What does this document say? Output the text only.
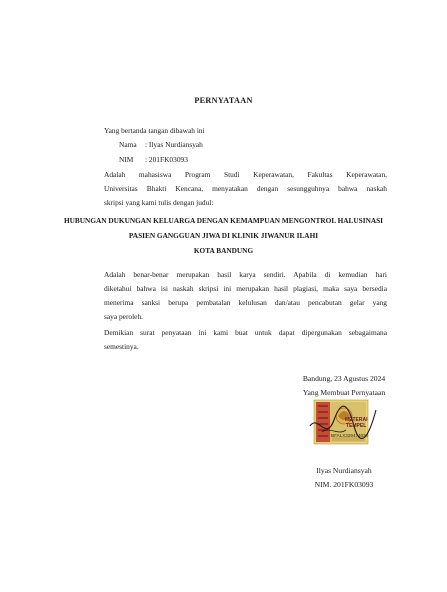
PERNYATAAN
Yang bertanda tangan dibawah ini
Nama : Ilyas Nurdiansyah
NIM : 201FK03093
Adalah mahasiswa Program Studi Keperawatan, Fakultas Keperawatan,
Universitas Bhakti Kencana, menyatakan dengan sesungguhnya bahwa naskah
skripsi yang kami tulis dengan judul:
HUBUNGAN DUKUNGAN KELUARGA DENGAN KEMAMPUAN MENGONTROL HALUSINASI
PASIEN GANGGUAN JIWA DI KLINIK JIWANUR ILAHI
KOTA BANDUNG
Adalah benar-benar merupakan hasil karya sendiri. Apabila di kemudian hari
diketahui bahwa isi naskah skripsi ini merupakan hasil plagiasi, maka saya bersedia
menerima sanksi berupa pembatalan kelulusan dan/atau pencabutan gelar yang
saya peroleh.
Demikian surat penyataan ini kami buat untuk dapat dipergunakan sebagaimana
semestinya.
Bandung, 23 Agustus 2024
Yang Membuat Pernyataan
METERAI
TEMPEL
BFALX329474020
Ilyas Nurdiansyah
NIM. 201FK03093
